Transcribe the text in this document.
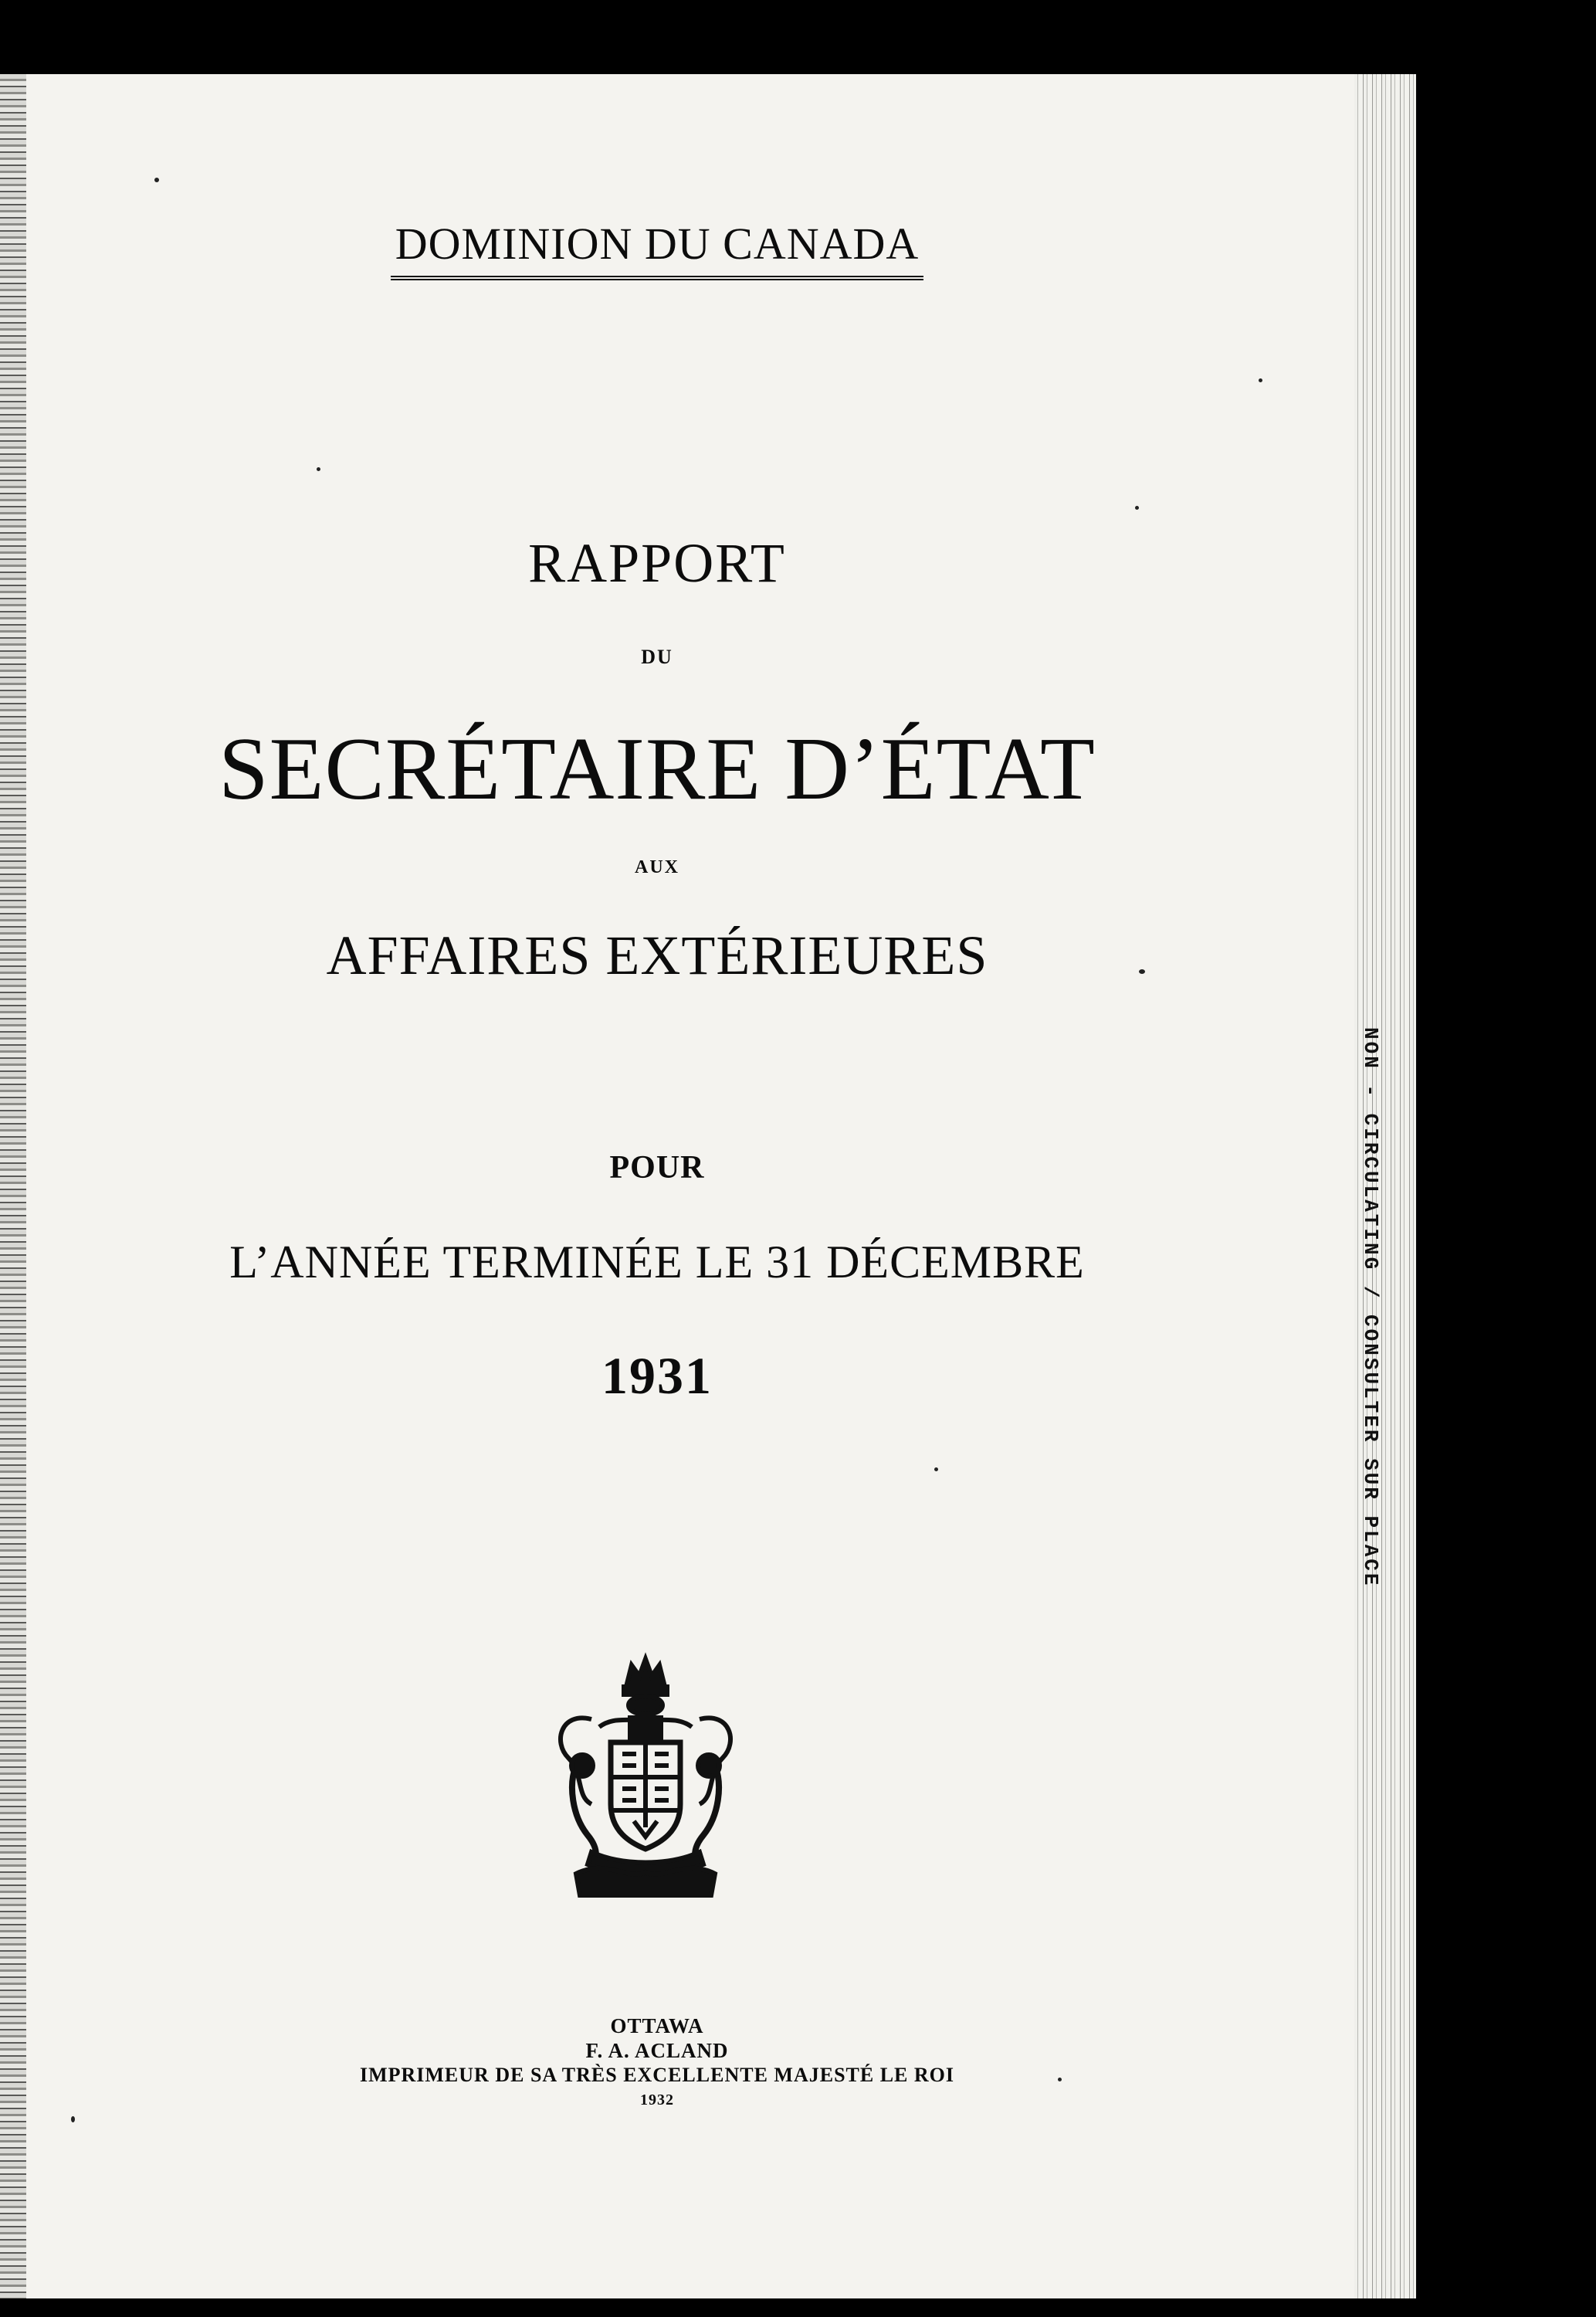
NON - CIRCULATING / CONSULTER SUR PLACE
DOMINION DU CANADA
RAPPORT
DU
SECRÉTAIRE D’ÉTAT
AUX
AFFAIRES EXTÉRIEURES
POUR
L’ANNÉE TERMINÉE LE 31 DÉCEMBRE
1931
OTTAWA
F. A. ACLAND
IMPRIMEUR DE SA TRÈS EXCELLENTE MAJESTÉ LE ROI
1932
